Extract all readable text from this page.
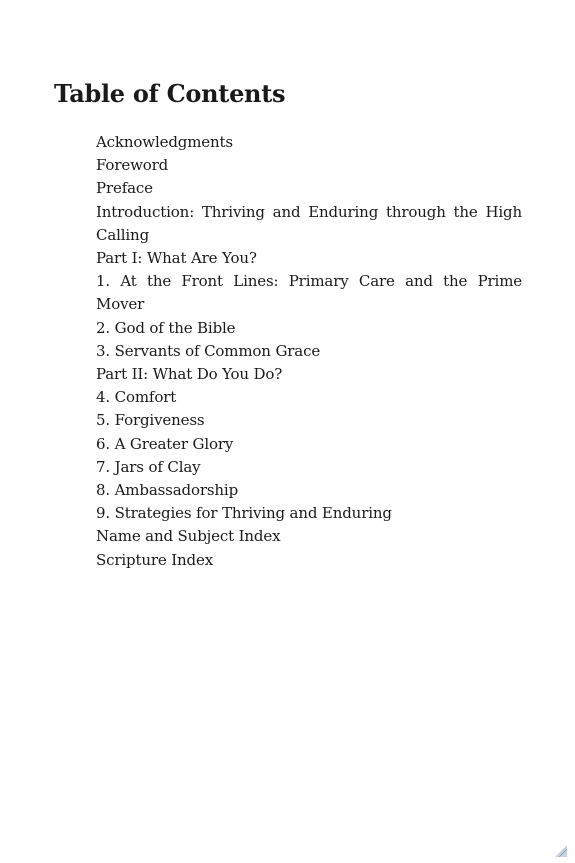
Table of Contents
Acknowledgments
Foreword
Preface
Introduction: Thriving and Enduring through the High Calling
Part I: What Are You?
1. At the Front Lines: Primary Care and the Prime Mover
2. God of the Bible
3. Servants of Common Grace
Part II: What Do You Do?
4. Comfort
5. Forgiveness
6. A Greater Glory
7. Jars of Clay
8. Ambassadorship
9. Strategies for Thriving and Enduring
Name and Subject Index
Scripture Index
